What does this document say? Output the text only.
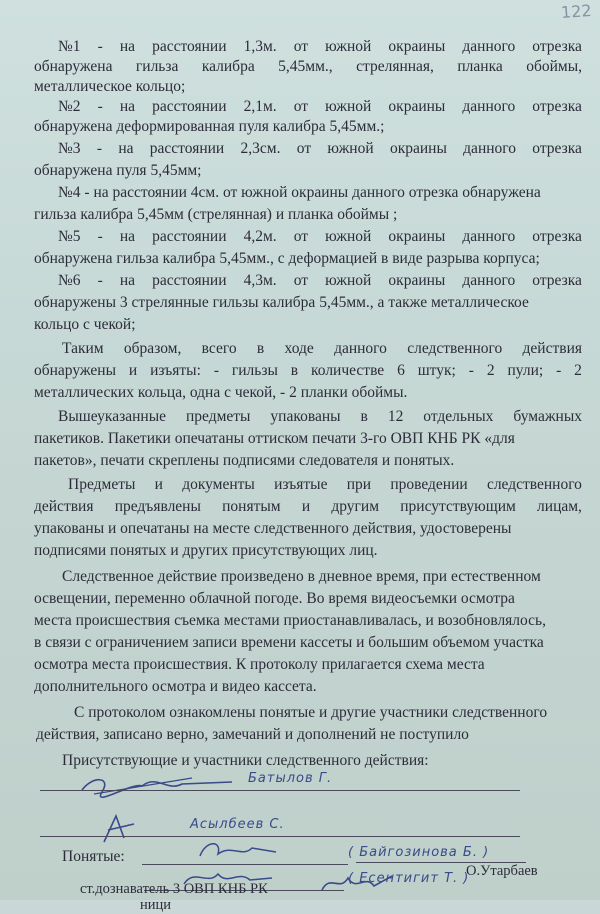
122
№1 - на расстоянии 1,3м. от южной окраины данного отрезка
обнаружена гильза калибра 5,45мм., стрелянная, планка обоймы,
металлическое кольцо;
№2 - на расстоянии 2,1м. от южной окраины данного отрезка
обнаружена деформированная пуля калибра 5,45мм.;
№3 - на расстоянии 2,3см. от южной окраины данного отрезка
обнаружена пуля 5,45мм;
№4 - на расстоянии 4см. от южной окраины данного отрезка обнаружена
гильза калибра 5,45мм (стрелянная) и планка обоймы ;
№5 - на расстоянии 4,2м. от южной окраины данного отрезка
обнаружена гильза калибра 5,45мм., с деформацией в виде разрыва корпуса;
№6 - на расстоянии 4,3м. от южной окраины данного отрезка
обнаружены 3 стрелянные гильзы калибра 5,45мм., а также металлическое
кольцо с чекой;
Таким образом, всего в ходе данного следственного действия
обнаружены и изъяты: - гильзы в количестве 6 штук; - 2 пули; - 2
металлических кольца, одна с чекой, - 2 планки обоймы.
Вышеуказанные предметы упакованы в 12 отдельных бумажных
пакетиков. Пакетики опечатаны оттиском печати 3-го ОВП КНБ РК «для
пакетов», печати скреплены подписями следователя и понятых.
Предметы и документы изъятые при проведении следственного
действия предъявлены понятым и другим присутствующим лицам,
упакованы и опечатаны на месте следственного действия, удостоверены
подписями понятых и других присутствующих лиц.
Следственное действие произведено в дневное время, при естественном
освещении, переменно облачной погоде. Во время видеосъемки осмотра
места происшествия съемка местами приостанавливалась, и возобновлялось,
в связи с ограничением записи времени кассеты и большим объемом участка
осмотра места происшествия. К протоколу прилагается схема места
дополнительного осмотра и видео кассета.
С протоколом ознакомлены понятые и другие участники следственного
действия, записано верно, замечаний и дополнений не поступило
Присутствующие и участники следственного действия:
Батылов Г.
Асылбеев С.
Понятые:	( Байгозинова Б. )
( Есентигит Т. )
ст.дознаватель 3 ОВП КНБ РК
О.Утарбаев
ници
